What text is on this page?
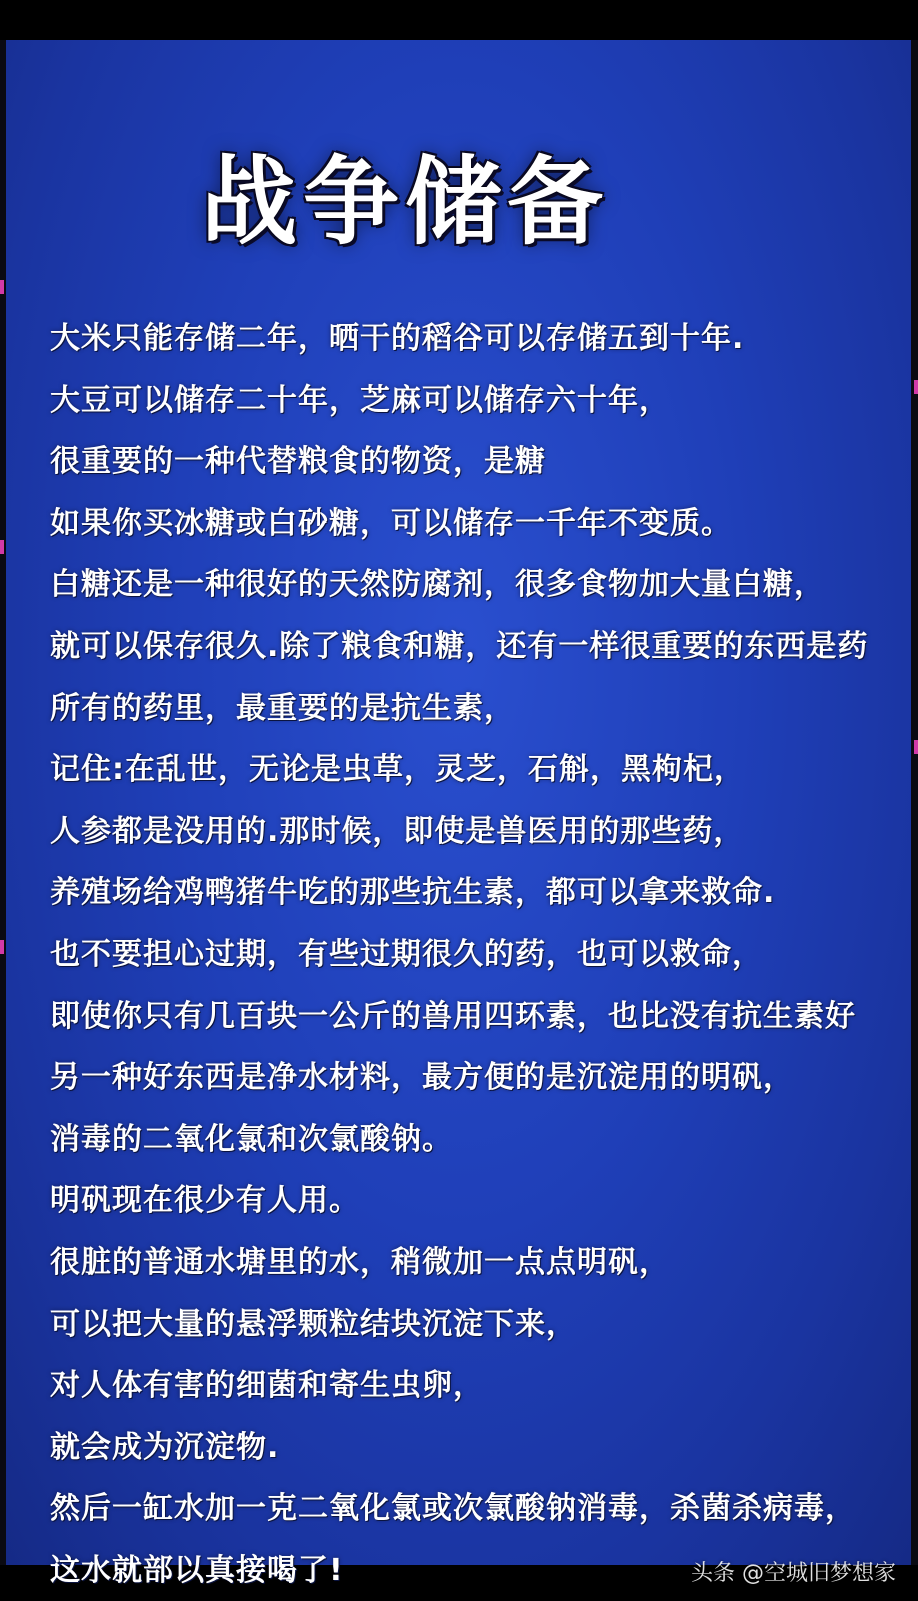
战争储备
大米只能存储二年，晒干的稻谷可以存储五到十年.
大豆可以储存二十年，芝麻可以储存六十年，
很重要的一种代替粮食的物资，是糖
如果你买冰糖或白砂糖，可以储存一千年不变质。
白糖还是一种很好的天然防腐剂，很多食物加大量白糖，
就可以保存很久.除了粮食和糖，还有一样很重要的东西是药
所有的药里，最重要的是抗生素，
记住:在乱世，无论是虫草，灵芝，石斛，黑枸杞，
人参都是没用的.那时候，即使是兽医用的那些药，
养殖场给鸡鸭猪牛吃的那些抗生素，都可以拿来救命.
也不要担心过期，有些过期很久的药，也可以救命，
即使你只有几百块一公斤的兽用四环素，也比没有抗生素好
另一种好东西是净水材料，最方便的是沉淀用的明矾，
消毒的二氧化氯和次氯酸钠。
明矾现在很少有人用。
很脏的普通水塘里的水，稍微加一点点明矾，
可以把大量的悬浮颗粒结块沉淀下来，
对人体有害的细菌和寄生虫卵，
就会成为沉淀物.
然后一缸水加一克二氧化氯或次氯酸钠消毒，杀菌杀病毒，
这水就部以真接喝了!	头条 @空城旧梦想家
